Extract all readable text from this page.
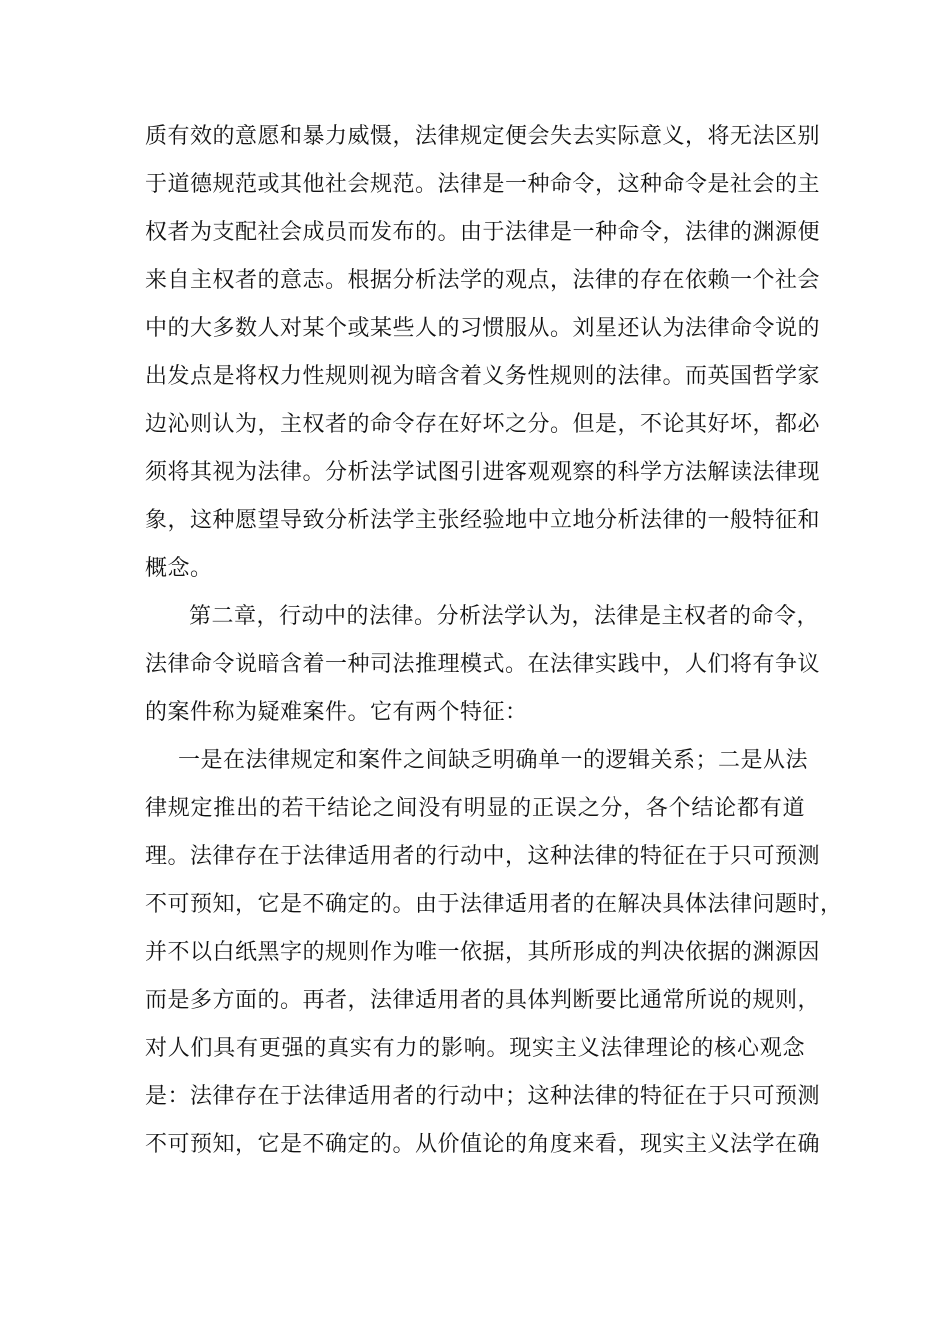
质有效的意愿和暴力威慑，法律规定便会失去实际意义，将无法区别
于道德规范或其他社会规范。法律是一种命令，这种命令是社会的主
权者为支配社会成员而发布的。由于法律是一种命令，法律的渊源便
来自主权者的意志。根据分析法学的观点，法律的存在依赖一个社会
中的大多数人对某个或某些人的习惯服从。刘星还认为法律命令说的
出发点是将权力性规则视为暗含着义务性规则的法律。而英国哲学家
边沁则认为，主权者的命令存在好坏之分。但是，不论其好坏，都必
须将其视为法律。分析法学试图引进客观观察的科学方法解读法律现
象，这种愿望导致分析法学主张经验地中立地分析法律的一般特征和
概念。
第二章，行动中的法律。分析法学认为，法律是主权者的命令，
法律命令说暗含着一种司法推理模式。在法律实践中，人们将有争议
的案件称为疑难案件。它有两个特征：
一是在法律规定和案件之间缺乏明确单一的逻辑关系；二是从法
律规定推出的若干结论之间没有明显的正误之分，各个结论都有道
理。法律存在于法律适用者的行动中，这种法律的特征在于只可预测
不可预知，它是不确定的。由于法律适用者的在解决具体法律问题时，
并不以白纸黑字的规则作为唯一依据，其所形成的判决依据的渊源因
而是多方面的。再者，法律适用者的具体判断要比通常所说的规则，
对人们具有更强的真实有力的影响。现实主义法律理论的核心观念
是：法律存在于法律适用者的行动中；这种法律的特征在于只可预测
不可预知，它是不确定的。从价值论的角度来看，现实主义法学在确
